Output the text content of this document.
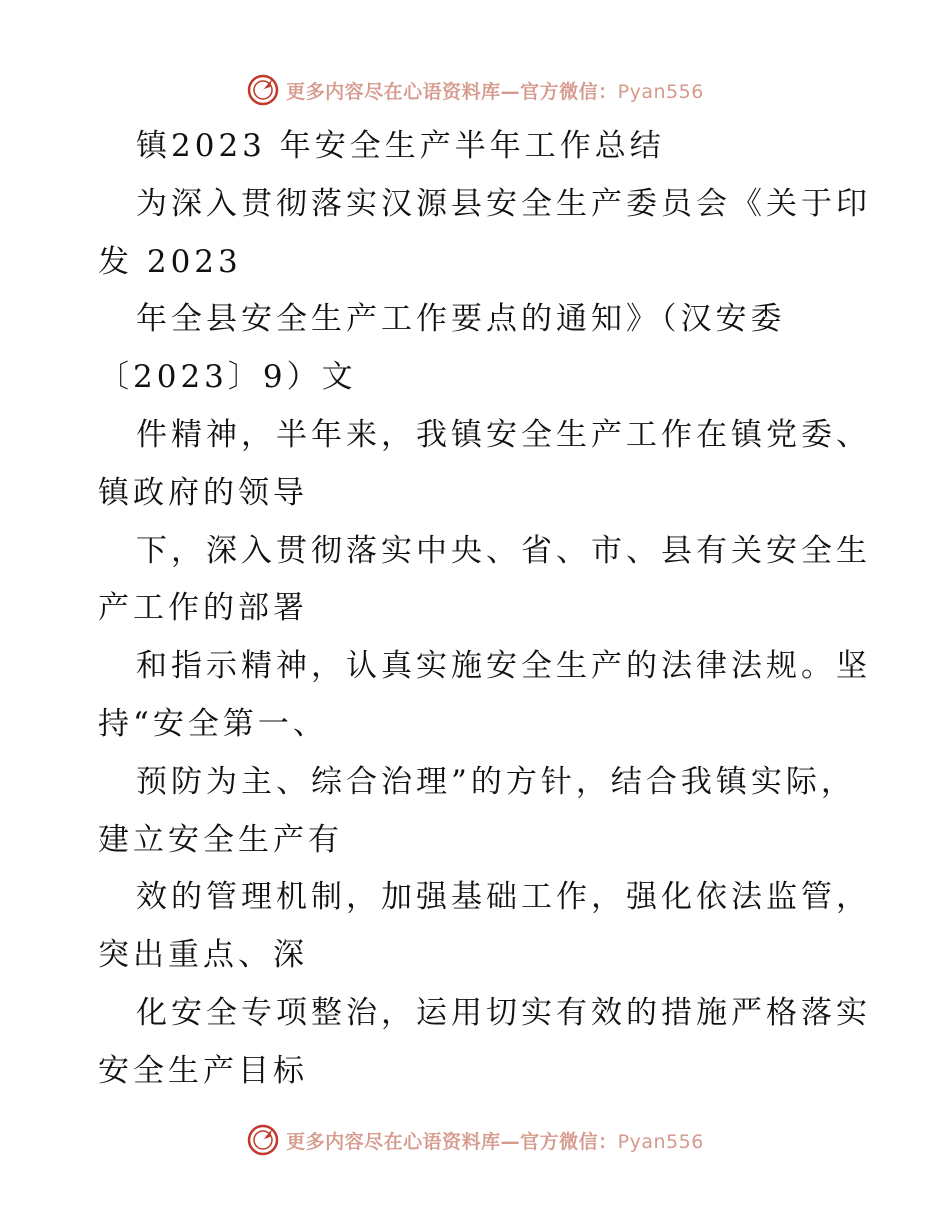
更多内容尽在心语资料库—官方微信：Pyan556
镇2023 年安全生产半年工作总结
为深入贯彻落实汉源县安全生产委员会《关于印
发 2023
年全县安全生产工作要点的通知》（汉安委
〔2023〕9）文
件精神，半年来，我镇安全生产工作在镇党委、
镇政府的领导
下，深入贯彻落实中央、省、市、县有关安全生
产工作的部署
和指示精神，认真实施安全生产的法律法规。坚
持“安全第一、
预防为主、综合治理”的方针，结合我镇实际，
建立安全生产有
效的管理机制，加强基础工作，强化依法监管，
突出重点、深
化安全专项整治，运用切实有效的措施严格落实
安全生产目标
更多内容尽在心语资料库—官方微信：Pyan556
